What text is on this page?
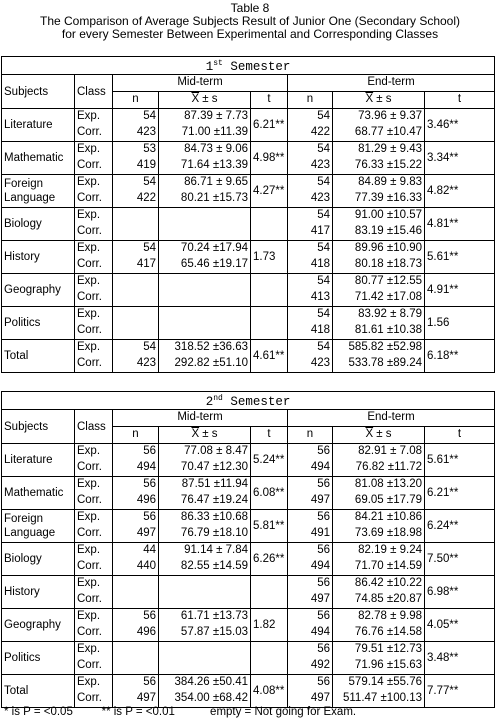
Table 8
The Comparison of Average Subjects Result of Junior One (Secondary School)
for every Semester Between Experimental and Corresponding Classes
1st Semester							
Subjects	Class	Mid-term			End-term		
		n	$\overline{X} \pm s$	t	n	$\overline{X} \pm s$	t
Literature	Exp.	54	87.39 ± 7.73	6.21**	54	73.96 ± 9.37	3.46**
	Corr.	423	71.00 ±11.39		422	68.77 ±10.47	
Mathematic	Exp.	53	84.73 ± 9.06	4.98**	54	81.29 ± 9.43	3.34**
	Corr.	419	71.64 ±13.39		423	76.33 ±15.22	
Foreign Language	Exp.	54	86.71 ± 9.65	4.27**	54	84.89 ± 9.83	4.82**
	Corr.	422	80.21 ±15.73		423	77.39 ±16.33	
Biology	Exp.				54	91.00 ±10.57	4.81**
	Corr.				417	83.19 ±15.46	
History	Exp.	54	70.24 ±17.94	1.73	54	89.96 ±10.90	5.61**
	Corr.	417	65.46 ±19.17		418	80.18 ±18.73	
Geography	Exp.				54	80.77 ±12.55	4.91**
	Corr.				413	71.42 ±17.08	
Politics	Exp.				54	83.92 ± 8.79	1.56
	Corr.				418	81.61 ±10.38	
Total	Exp.	54	318.52 ±36.63	4.61**	54	585.82 ±52.98	6.18**
	Corr.	423	292.82 ±51.10		423	533.78 ±89.24	
2nd Semester							
Subjects	Class	Mid-term			End-term		
		n	$\overline{X} \pm s$	t	n	$\overline{X} \pm s$	t
Literature	Exp.	56	77.08 ± 8.47	5.24**	56	82.91 ± 7.08	5.61**
	Corr.	494	70.47 ±12.30		494	76.82 ±11.72	
Mathematic	Exp.	56	87.51 ±11.94	6.08**	56	81.08 ±13.20	6.21**
	Corr.	496	76.47 ±19.24		497	69.05 ±17.79	
Foreign Language	Exp.	56	86.33 ±10.68	5.81**	56	84.21 ±10.86	6.24**
	Corr.	497	76.79 ±18.10		491	73.69 ±18.98	
Biology	Exp.	44	91.14 ± 7.84	6.26**	56	82.19 ± 9.24	7.50**
	Corr.	440	82.55 ±14.59		494	71.70 ±14.59	
History	Exp.				56	86.42 ±10.22	6.98**
	Corr.				497	74.85 ±20.87	
Geography	Exp.	56	61.71 ±13.73	1.82	56	82.78 ± 9.98	4.05**
	Corr.	496	57.87 ±15.03		494	76.76 ±14.58	
Politics	Exp.				56	79.51 ±12.73	3.48**
	Corr.				492	71.96 ±15.63	
Total	Exp.	56	384.26 ±50.41	4.08**	56	579.14 ±55.76	7.77**
	Corr.	497	354.00 ±68.42		497	511.47 ±100.13	
* is P = <0.05         ** is P = <0.01           empty = Not going for Exam.
